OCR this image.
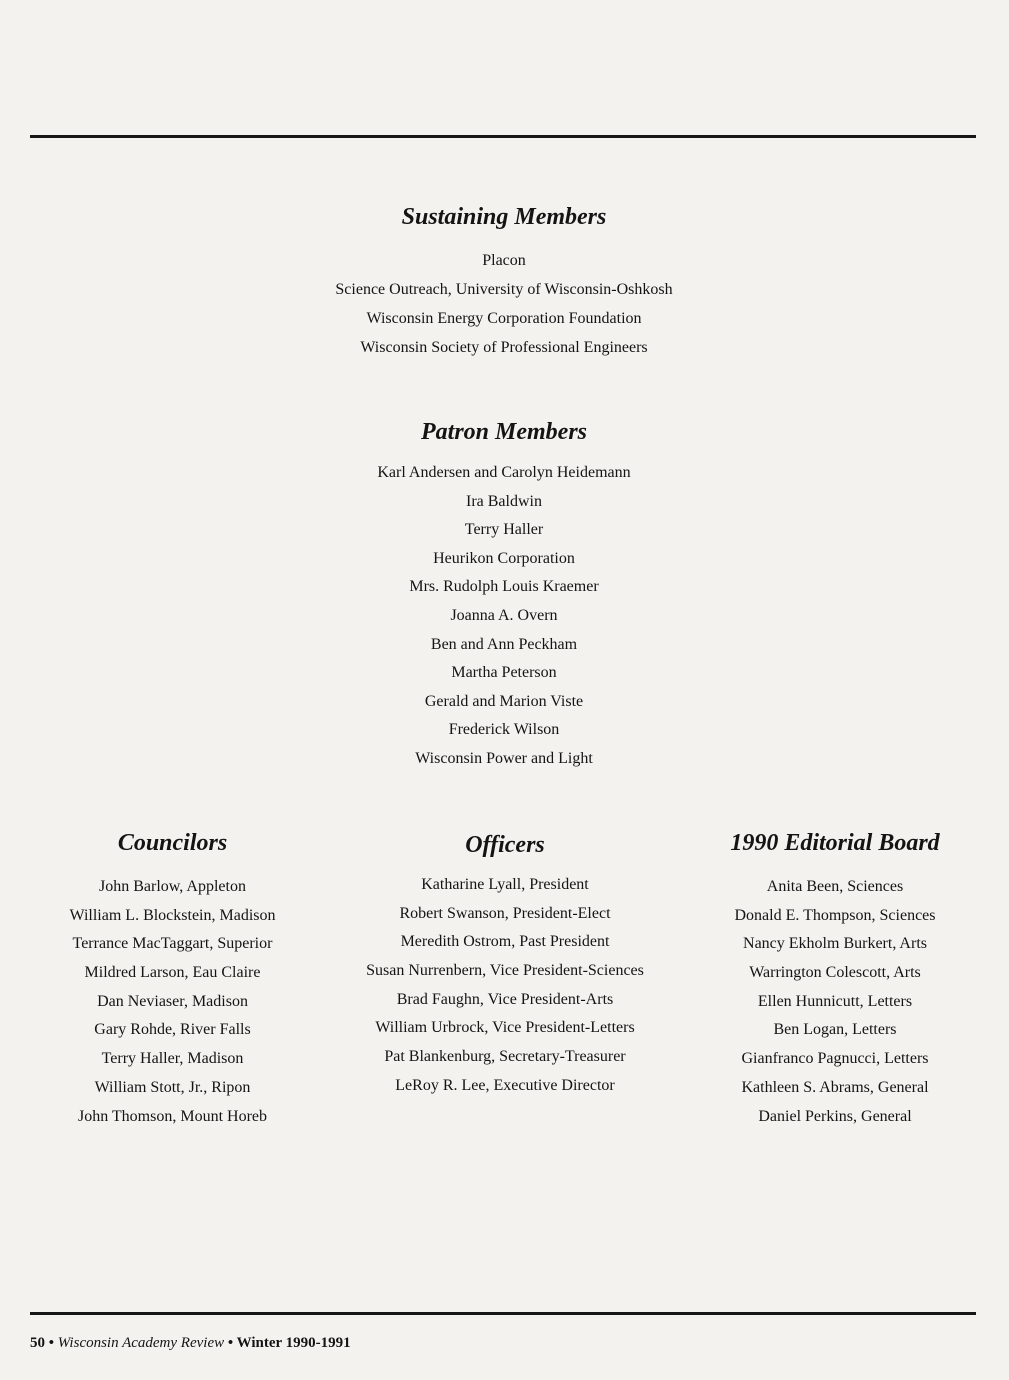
Sustaining Members
Placon
Science Outreach, University of Wisconsin-Oshkosh
Wisconsin Energy Corporation Foundation
Wisconsin Society of Professional Engineers
Patron Members
Karl Andersen and Carolyn Heidemann
Ira Baldwin
Terry Haller
Heurikon Corporation
Mrs. Rudolph Louis Kraemer
Joanna A. Overn
Ben and Ann Peckham
Martha Peterson
Gerald and Marion Viste
Frederick Wilson
Wisconsin Power and Light
Councilors
John Barlow, Appleton
William L. Blockstein, Madison
Terrance MacTaggart, Superior
Mildred Larson, Eau Claire
Dan Neviaser, Madison
Gary Rohde, River Falls
Terry Haller, Madison
William Stott, Jr., Ripon
John Thomson, Mount Horeb
Officers
Katharine Lyall, President
Robert Swanson, President-Elect
Meredith Ostrom, Past President
Susan Nurrenbern, Vice President-Sciences
Brad Faughn, Vice President-Arts
William Urbrock, Vice President-Letters
Pat Blankenburg, Secretary-Treasurer
LeRoy R. Lee, Executive Director
1990 Editorial Board
Anita Been, Sciences
Donald E. Thompson, Sciences
Nancy Ekholm Burkert, Arts
Warrington Colescott, Arts
Ellen Hunnicutt, Letters
Ben Logan, Letters
Gianfranco Pagnucci, Letters
Kathleen S. Abrams, General
Daniel Perkins, General
50 • Wisconsin Academy Review • Winter 1990-1991
